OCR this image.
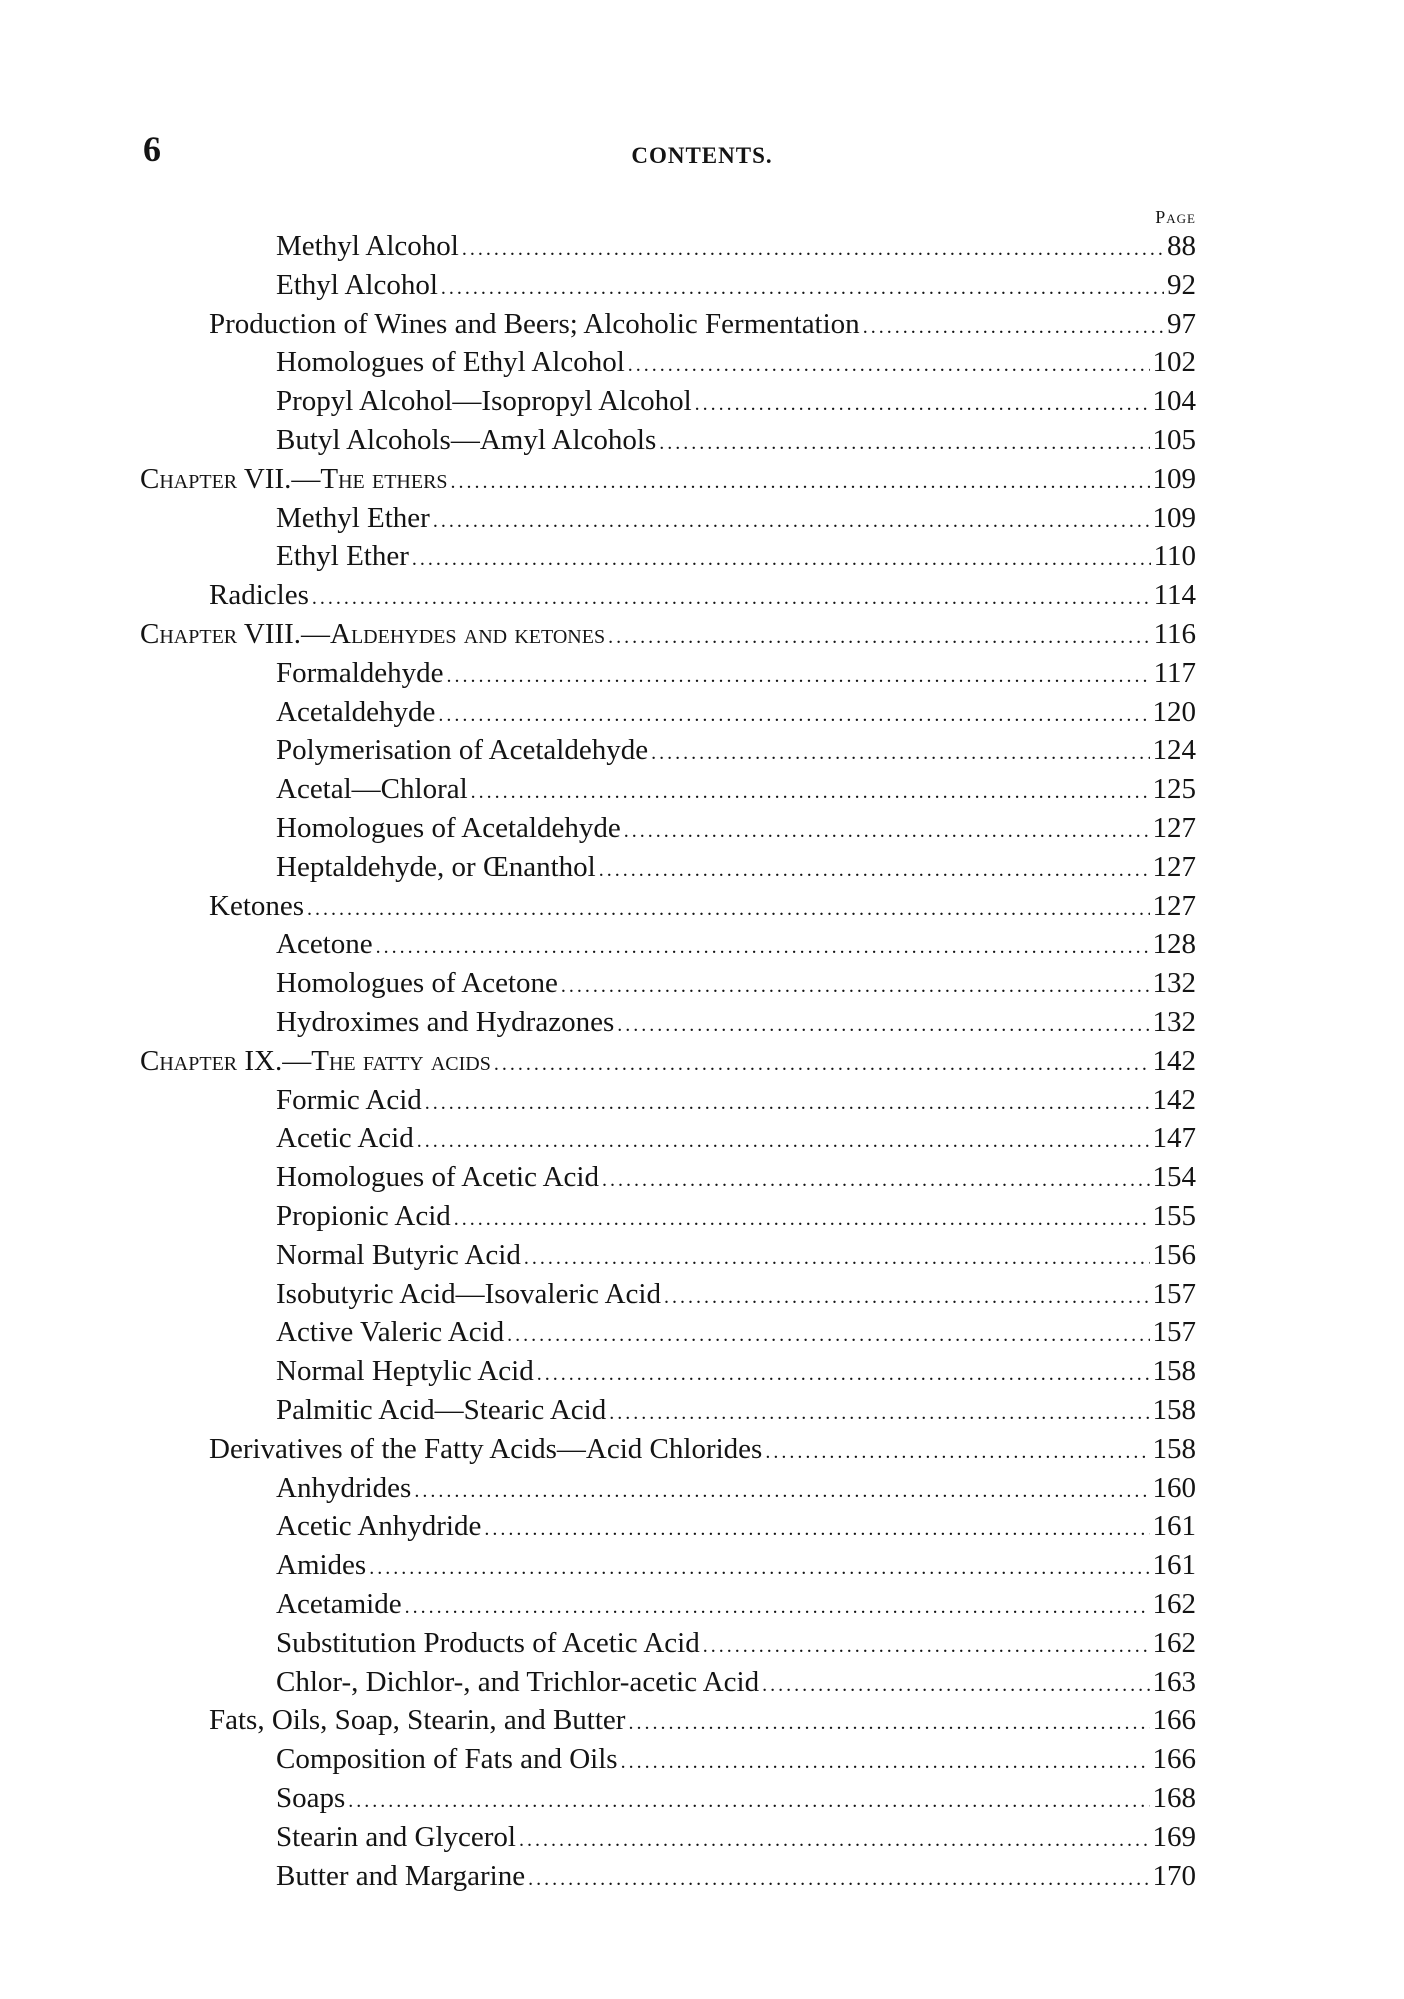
6	CONTENTS.
Page
Methyl Alcohol .....	88
Ethyl Alcohol .....	92
Production of Wines and Beers; Alcoholic Fermentation .....	97
Homologues of Ethyl Alcohol .....	102
Propyl Alcohol—Isopropyl Alcohol .....	104
Butyl Alcohols—Amyl Alcohols .....	105
Chapter VII.—The ethers .....	109
Methyl Ether .....	109
Ethyl Ether .....	110
Radicles .....	114
Chapter VIII.—Aldehydes and ketones .....	116
Formaldehyde .....	117
Acetaldehyde .....	120
Polymerisation of Acetaldehyde .....	124
Acetal—Chloral .....	125
Homologues of Acetaldehyde .....	127
Heptaldehyde, or Œnanthol .....	127
Ketones .....	127
Acetone .....	128
Homologues of Acetone .....	132
Hydroximes and Hydrazones .....	132
Chapter IX.—The fatty acids .....	142
Formic Acid .....	142
Acetic Acid .....	147
Homologues of Acetic Acid .....	154
Propionic Acid .....	155
Normal Butyric Acid .....	156
Isobutyric Acid—Isovaleric Acid .....	157
Active Valeric Acid .....	157
Normal Heptylic Acid .....	158
Palmitic Acid—Stearic Acid .....	158
Derivatives of the Fatty Acids—Acid Chlorides .....	158
Anhydrides .....	160
Acetic Anhydride .....	161
Amides .....	161
Acetamide .....	162
Substitution Products of Acetic Acid .....	162
Chlor-, Dichlor-, and Trichlor-acetic Acid .....	163
Fats, Oils, Soap, Stearin, and Butter .....	166
Composition of Fats and Oils .....	166
Soaps .....	168
Stearin and Glycerol .....	169
Butter and Margarine .....	170
